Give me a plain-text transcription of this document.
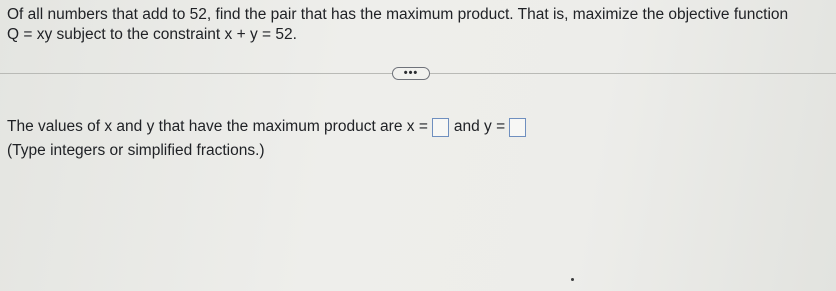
Of all numbers that add to 52, find the pair that has the maximum product. That is, maximize the objective function
Q = xy subject to the constraint x + y = 52.
•••
The values of x and y that have the maximum product are x = and y =
(Type integers or simplified fractions.)
